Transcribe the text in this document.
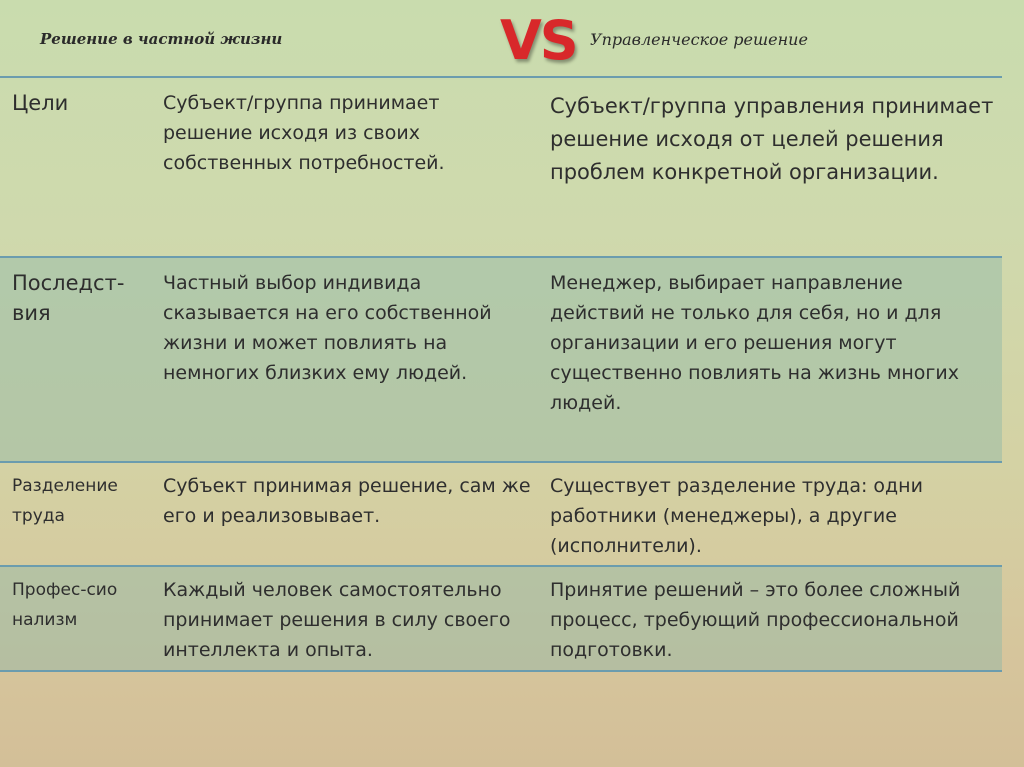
Решение в частной жизни	VS Управленческое решение
Цели	Субъект/группа принимает решение исходя из своих собственных потребностей.
Субъект/группа управления принимает решение исходя от целей решения проблем конкретной организации.
Последст-вия
Частный выбор индивида сказывается на его собственной жизни и может повлиять на немногих близких ему людей.
Менеджер, выбирает направление действий не только для себя, но и для организации и его решения могут существенно повлиять на жизнь многих людей.
Разделение труда
Субъект принимая решение, сам же его и реализовывает.
Существует разделение труда: одни работники (менеджеры), а другие (исполнители).
Профес-сионализм
Каждый человек самостоятельно принимает решения в силу своего интеллекта и опыта.
Принятие решений – это более сложный процесс, требующий профессиональной подготовки.
